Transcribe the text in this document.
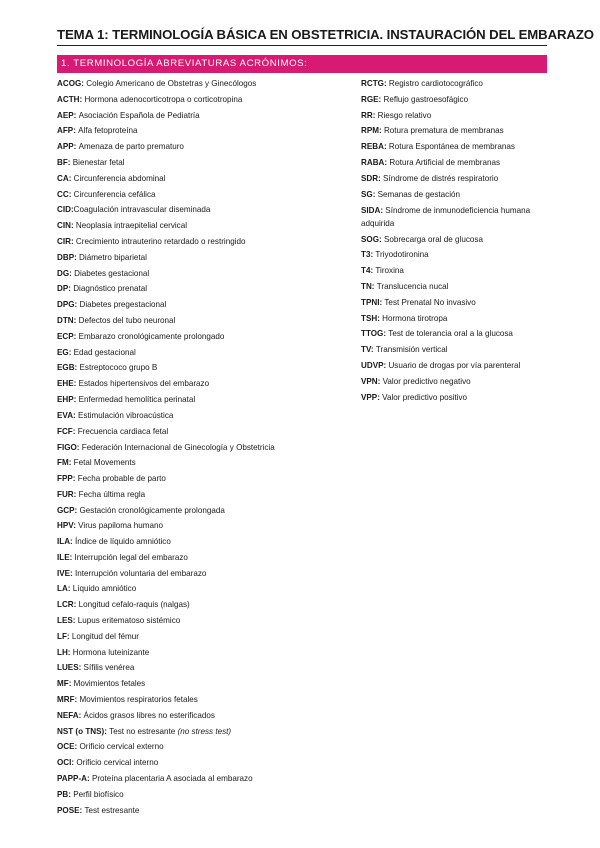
TEMA 1: TERMINOLOGÍA BÁSICA EN OBSTETRICIA. INSTAURACIÓN DEL EMBARAZO
1. TERMINOLOGÍA ABREVIATURAS ACRÓNIMOS:
ACOG: Colegio Americano de Obstetras y Ginecólogos
ACTH: Hormona adenocorticotropa o corticotropina
AEP: Asociación Española de Pediatría
AFP: Alfa fetoproteína
APP: Amenaza de parto prematuro
BF: Bienestar fetal
CA: Circunferencia abdominal
CC: Circunferencia cefálica
CID:Coagulación intravascular diseminada
CIN: Neoplasia intraepitelial cervical
CIR: Crecimiento intrauterino retardado o restringido
DBP: Diámetro biparietal
DG: Diabetes gestacional
DP: Diagnóstico prenatal
DPG: Diabetes pregestacional
DTN: Defectos del tubo neuronal
ECP: Embarazo cronológicamente prolongado
EG: Edad gestacional
EGB: Estreptococo grupo B
EHE: Estados hipertensivos del embarazo
EHP: Enfermedad hemolítica perinatal
EVA: Estimulación vibroacústica
FCF: Frecuencia cardiaca fetal
FIGO: Federación Internacional de Ginecología y Obstetricia
FM: Fetal Movements
FPP: Fecha probable de parto
FUR: Fecha última regla
GCP: Gestación cronológicamente prolongada
HPV: Virus papiloma humano
ILA: Índice de líquido amniótico
ILE: Interrupción legal del embarazo
IVE: Interrupción voluntaria del embarazo
LA: Líquido amniótico
LCR: Longitud cefalo-raquis (nalgas)
LES: Lupus eritematoso sistémico
LF: Longitud del fémur
LH: Hormona luteinizante
LUES: Sífilis venérea
MF: Movimientos fetales
MRF: Movimientos respiratorios fetales
NEFA: Ácidos grasos libres no esterificados
NST (o TNS): Test no estresante (no stress test)
OCE: Orificio cervical externo
OCI: Orificio cervical interno
PAPP-A: Proteína placentaria A asociada al embarazo
PB: Perfil biofísico
POSE: Test estresante
RCTG: Registro cardiotocográfico
RGE: Reflujo gastroesofágico
RR: Riesgo relativo
RPM: Rotura prematura de membranas
REBA: Rotura Espontánea de membranas
RABA: Rotura Artificial de membranas
SDR: Síndrome de distrés respiratorio
SG: Semanas de gestación
SIDA: Síndrome de inmunodeficiencia humana adquirida
SOG: Sobrecarga oral de glucosa
T3: Triyodotironina
T4: Tiroxina
TN: Translucencia nucal
TPNI: Test Prenatal No invasivo
TSH: Hormona tirotropa
TTOG: Test de tolerancia oral a la glucosa
TV: Transmisión vertical
UDVP: Usuario de drogas por vía parenteral
VPN: Valor predictivo negativo
VPP: Valor predictivo positivo
